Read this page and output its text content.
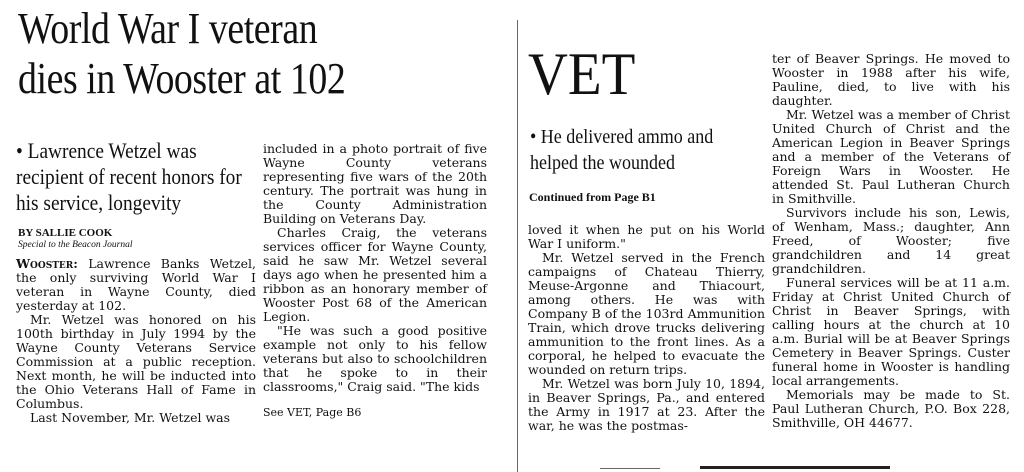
World War I veteran
dies in Wooster at 102
• Lawrence Wetzel was recipient of recent honors for his service, longevity
BY SALLIE COOK
Special to the Beacon Journal

Wooster: Lawrence Banks Wetzel, the only surviving World War I veteran in Wayne County, died yesterday at 102.

Mr. Wetzel was honored on his 100th birthday in July 1994 by the Wayne County Veterans Service Commission at a public reception. Next month, he will be inducted into the Ohio Veterans Hall of Fame in Columbus.

Last November, Mr. Wetzel was

included in a photo portrait of five Wayne County veterans representing five wars of the 20th century. The portrait was hung in the County Administration Building on Veterans Day.

Charles Craig, the veterans services officer for Wayne County, said he saw Mr. Wetzel several days ago when he presented him a ribbon as an honorary member of Wooster Post 68 of the American Legion.

"He was such a good positive example not only to his fellow veterans but also to schoolchildren that he spoke to in their classrooms," Craig said. "The kids

See VET, Page B6

VET
• He delivered ammo and helped the wounded
Continued from Page B1

loved it when he put on his World War I uniform."

Mr. Wetzel served in the French campaigns of Chateau Thierry, Meuse-Argonne and Thiacourt, among others. He was with Company B of the 103rd Ammunition Train, which drove trucks delivering ammunition to the front lines. As a corporal, he helped to evacuate the wounded on return trips.

Mr. Wetzel was born July 10, 1894, in Beaver Springs, Pa., and entered the Army in 1917 at 23. After the war, he was the postmas-

ter of Beaver Springs. He moved to Wooster in 1988 after his wife, Pauline, died, to live with his daughter.

Mr. Wetzel was a member of Christ United Church of Christ and the American Legion in Beaver Springs and a member of the Veterans of Foreign Wars in Wooster. He attended St. Paul Lutheran Church in Smithville.

Survivors include his son, Lewis, of Wenham, Mass.; daughter, Ann Freed, of Wooster; five grandchildren and 14 great grandchildren.

Funeral services will be at 11 a.m. Friday at Christ United Church of Christ in Beaver Springs, with calling hours at the church at 10 a.m. Burial will be at Beaver Springs Cemetery in Beaver Springs. Custer funeral home in Wooster is handling local arrangements.

Memorials may be made to St. Paul Lutheran Church, P.O. Box 228, Smithville, OH 44677.
